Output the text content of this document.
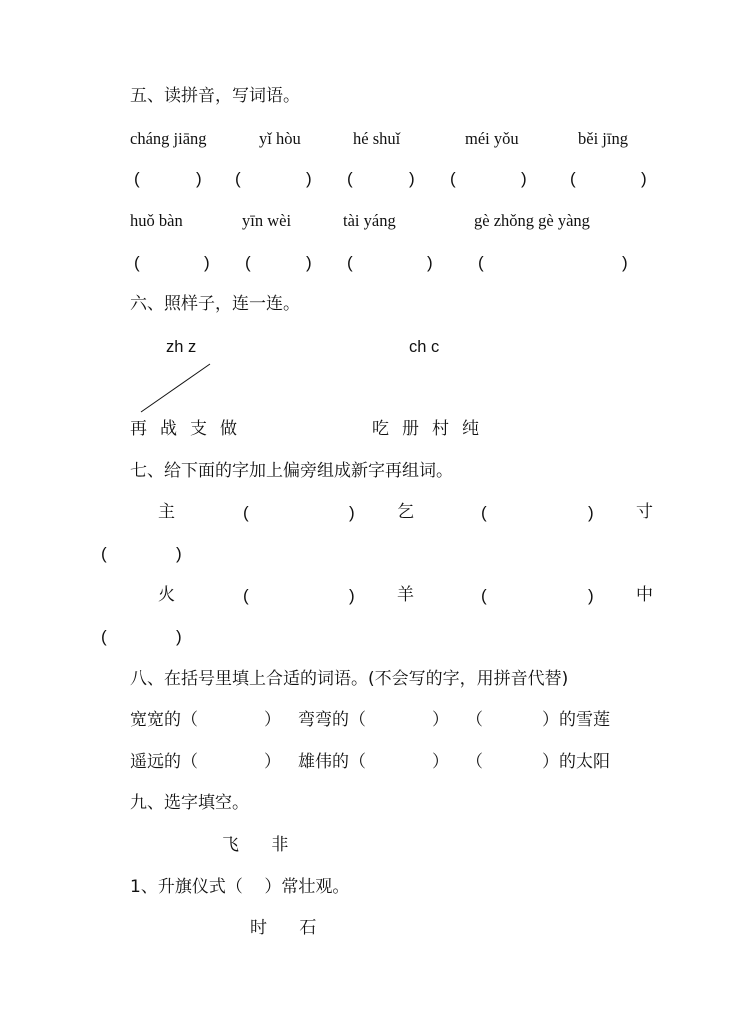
五、读拼音，写词语。
cháng jiāng	yǐ hòu	hé shuǐ	méi yǒu	běi jīng
(	) (	) (	) (	)	(	)
huǒ bàn	yīn wèi	tài yáng	gè zhǒng gè yàng
(	) (	) (	)	(	)
六、照样子，连一连。
zh z	ch c
再战支做	吃册村纯
七、给下面的字加上偏旁组成新字再组词。
主	(	) 乞	(	) 寸
(	)
火	(	) 羊	(	) 中
(	)
八、在括号里填上合适的词语。(不会写的字，用拼音代替)
宽宽的（	） 弯弯的（	） （	）的雪莲
遥远的（	） 雄伟的（	） （	）的太阳
九、选字填空。
飞      非
1、升旗仪式（    ）常壮观。
时      石
